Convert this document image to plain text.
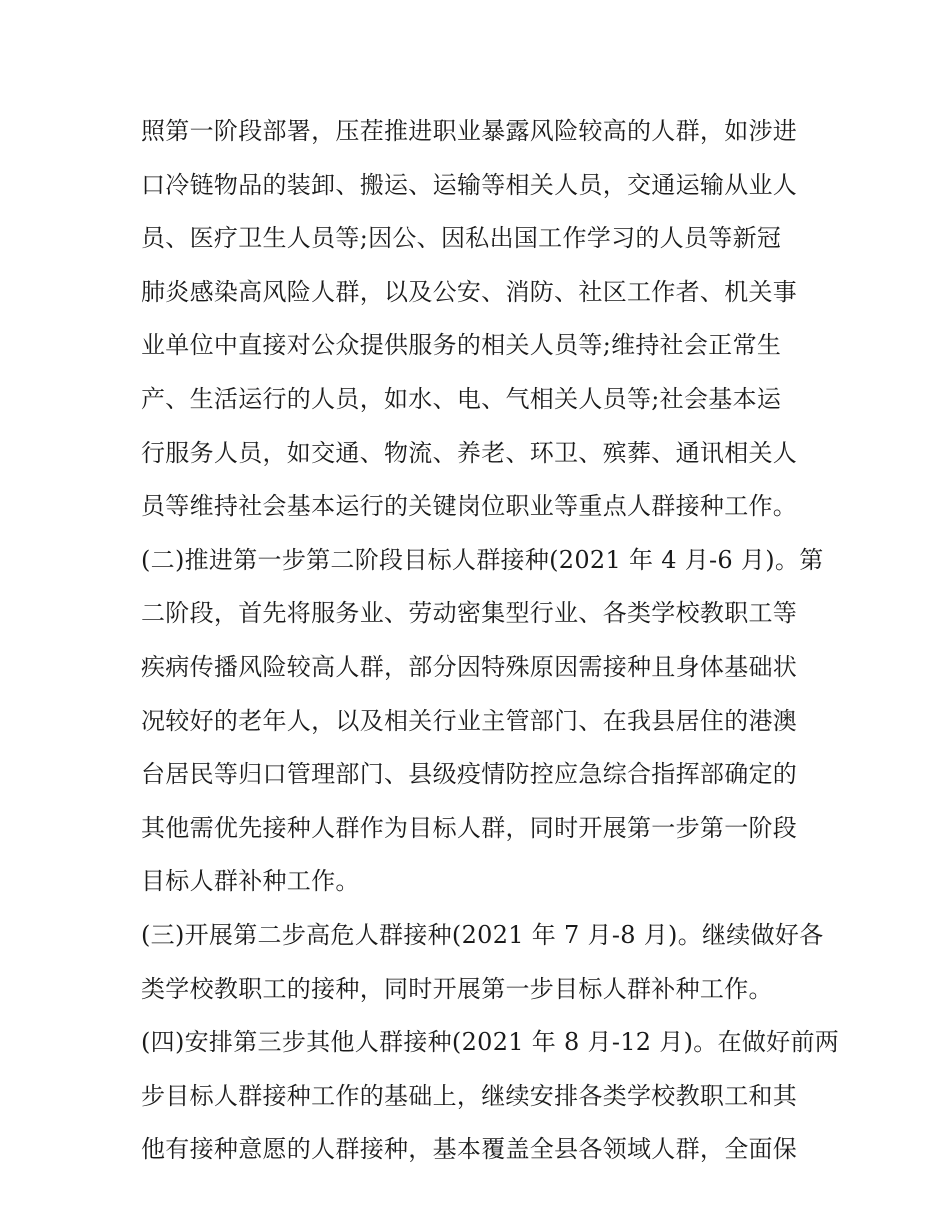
照第一阶段部署，压茬推进职业暴露风险较高的人群，如涉进
口冷链物品的装卸、搬运、运输等相关人员，交通运输从业人
员、医疗卫生人员等;因公、因私出国工作学习的人员等新冠
肺炎感染高风险人群，以及公安、消防、社区工作者、机关事
业单位中直接对公众提供服务的相关人员等;维持社会正常生
产、生活运行的人员，如水、电、气相关人员等;社会基本运
行服务人员，如交通、物流、养老、环卫、殡葬、通讯相关人
员等维持社会基本运行的关键岗位职业等重点人群接种工作。
(二)推进第一步第二阶段目标人群接种(2021 年 4 月-6 月)。第
二阶段，首先将服务业、劳动密集型行业、各类学校教职工等
疾病传播风险较高人群，部分因特殊原因需接种且身体基础状
况较好的老年人，以及相关行业主管部门、在我县居住的港澳
台居民等归口管理部门、县级疫情防控应急综合指挥部确定的
其他需优先接种人群作为目标人群，同时开展第一步第一阶段
目标人群补种工作。
(三)开展第二步高危人群接种(2021 年 7 月-8 月)。继续做好各
类学校教职工的接种，同时开展第一步目标人群补种工作。
(四)安排第三步其他人群接种(2021 年 8 月-12 月)。在做好前两
步目标人群接种工作的基础上，继续安排各类学校教职工和其
他有接种意愿的人群接种，基本覆盖全县各领域人群，全面保
